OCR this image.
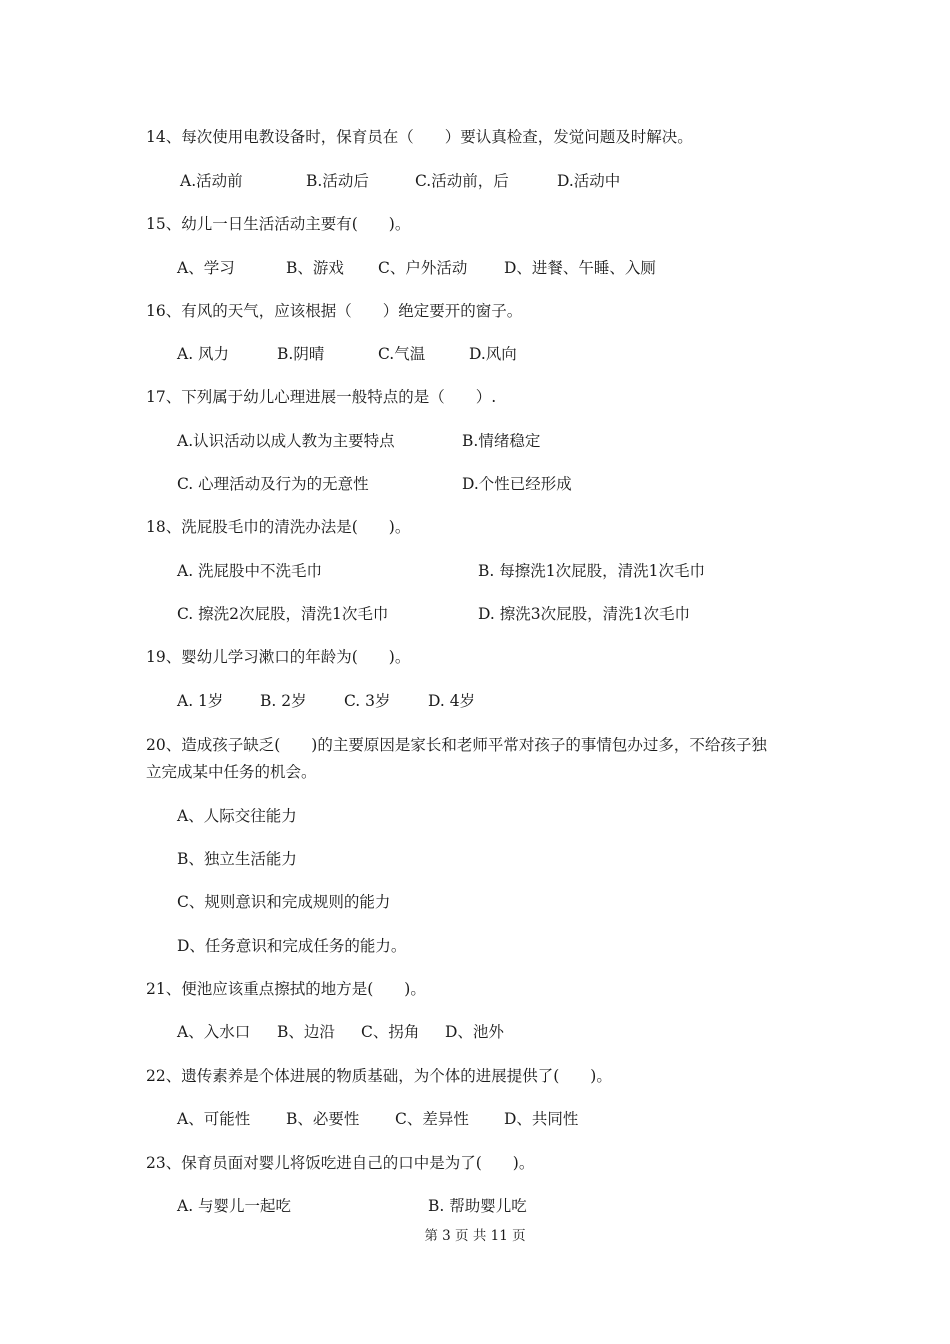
14、每次使用电教设备时，保育员在（　　）要认真检查，发觉问题及时解决。
A.活动前	B.活动后	C.活动前，后	D.活动中
15、幼儿一日生活活动主要有(　　)。
A、学习	B、游戏 C、户外活动 D、进餐、午睡、入厕
16、有风的天气，应该根据（　　）绝定要开的窗子。
A. 风力	B.阴晴	C.气温	D.风向
17、下列属于幼儿心理进展一般特点的是（　　）.
A.认识活动以成人教为主要特点	B.情绪稳定
C. 心理活动及行为的无意性	D.个性已经形成
18、洗屁股毛巾的清洗办法是(　　)。
A. 洗屁股中不洗毛巾	B. 每擦洗1次屁股，清洗1次毛巾
C. 擦洗2次屁股，清洗1次毛巾	D. 擦洗3次屁股，清洗1次毛巾
19、婴幼儿学习漱口的年龄为(　　)。
A. 1岁 B. 2岁 C. 3岁 D. 4岁
20、造成孩子缺乏(　　)的主要原因是家长和老师平常对孩子的事情包办过多，不给孩子独
立完成某中任务的机会。
A、人际交往能力
B、独立生活能力
C、规则意识和完成规则的能力
D、任务意识和完成任务的能力。
21、便池应该重点擦拭的地方是(　　)。
A、入水口 B、边沿 C、拐角 D、池外
22、遗传素养是个体进展的物质基础，为个体的进展提供了(　　)。
A、可能性 B、必要性 C、差异性 D、共同性
23、保育员面对婴儿将饭吃进自己的口中是为了(　　)。
A. 与婴儿一起吃	B. 帮助婴儿吃
第 3 页 共 11 页
